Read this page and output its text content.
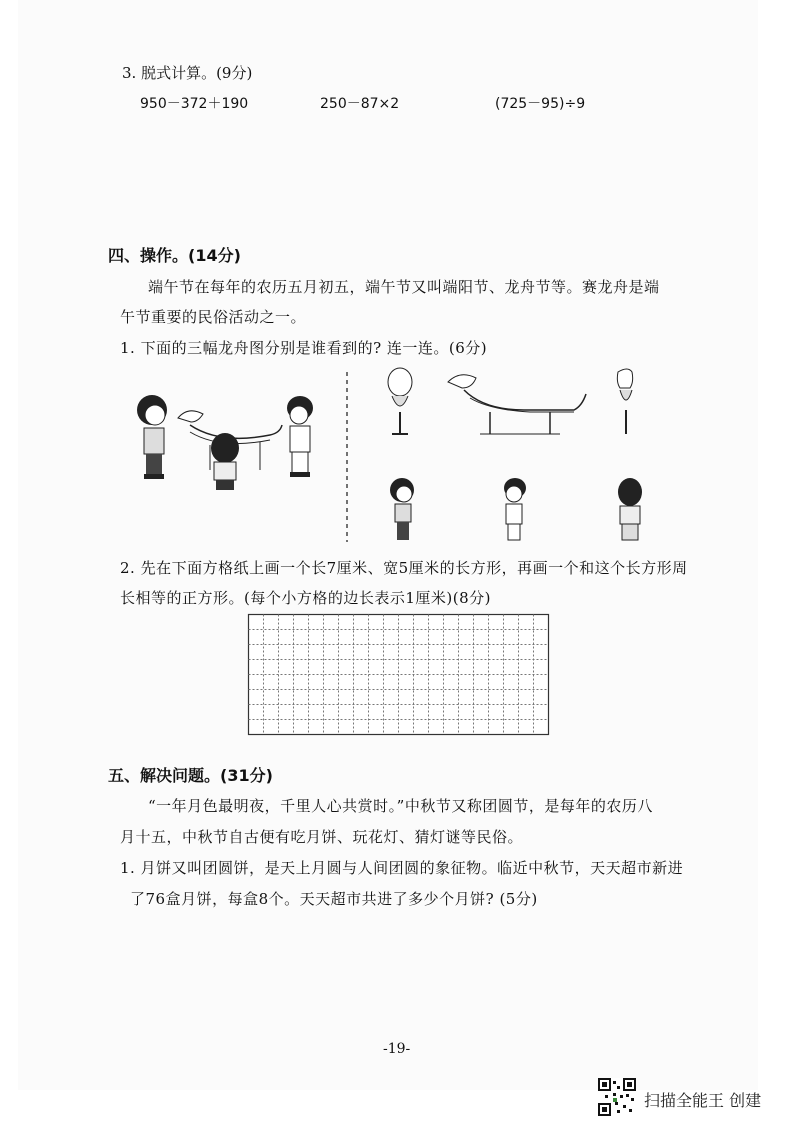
3. 脱式计算。(9分)
950－372＋190	250－87×2	(725－95)÷9
四、操作。(14分)
端午节在每年的农历五月初五，端午节又叫端阳节、龙舟节等。赛龙舟是端
午节重要的民俗活动之一。
1. 下面的三幅龙舟图分别是谁看到的? 连一连。(6分)
2. 先在下面方格纸上画一个长7厘米、宽5厘米的长方形，再画一个和这个长方形周
长相等的正方形。(每个小方格的边长表示1厘米)(8分)
五、解决问题。(31分)
“一年月色最明夜，千里人心共赏时。”中秋节又称团圆节，是每年的农历八
月十五，中秋节自古便有吃月饼、玩花灯、猜灯谜等民俗。
1. 月饼又叫团圆饼，是天上月圆与人间团圆的象征物。临近中秋节，天天超市新进
了76盒月饼，每盒8个。天天超市共进了多少个月饼? (5分)
-19-
扫描全能王 创建
